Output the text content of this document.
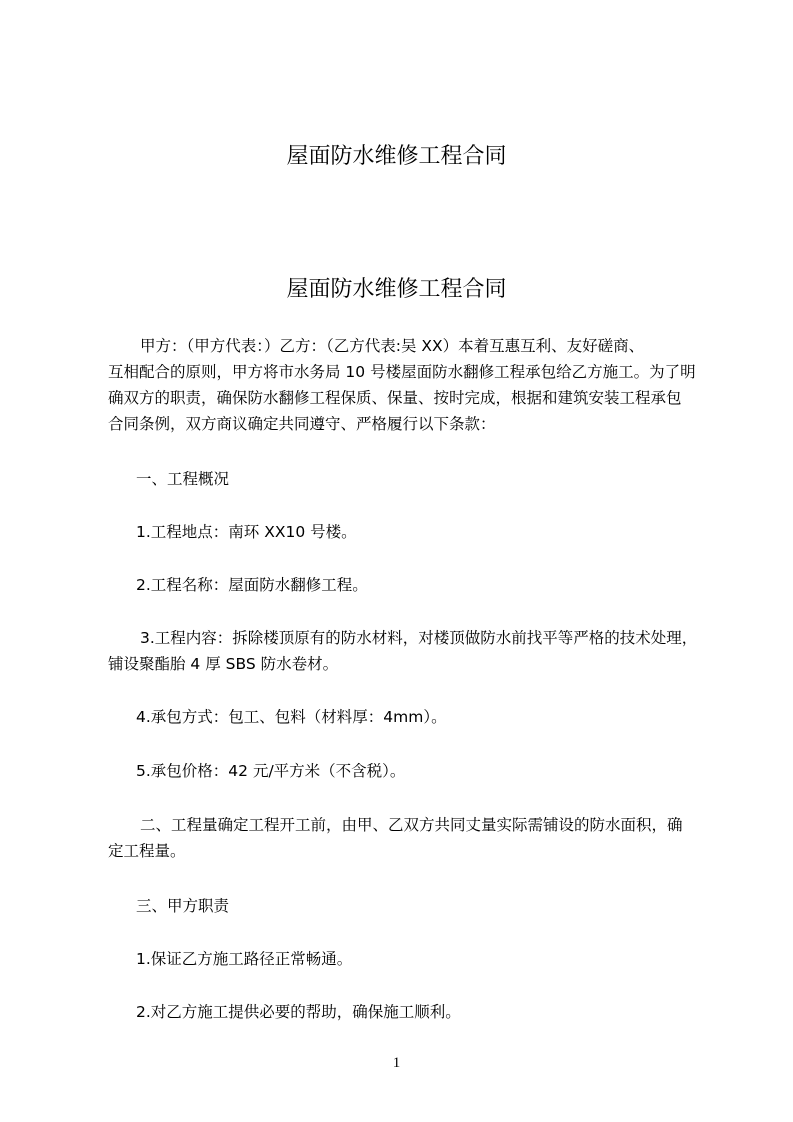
屋面防水维修工程合同
屋面防水维修工程合同
甲方：（甲方代表：）乙方：（乙方代表:吴 XX）本着互惠互利、友好磋商、
互相配合的原则，甲方将市水务局 10 号楼屋面防水翻修工程承包给乙方施工。为了明
确双方的职责，确保防水翻修工程保质、保量、按时完成，根据和建筑安装工程承包
合同条例，双方商议确定共同遵守、严格履行以下条款：
一、工程概况
1.工程地点：南环 XX10 号楼。
2.工程名称：屋面防水翻修工程。
3.工程内容：拆除楼顶原有的防水材料，对楼顶做防水前找平等严格的技术处理，
铺设聚酯胎 4 厚 SBS 防水卷材。
4.承包方式：包工、包料（材料厚：4mm）。
5.承包价格：42 元/平方米（不含税）。
二、工程量确定工程开工前，由甲、乙双方共同丈量实际需铺设的防水面积，确
定工程量。
三、甲方职责
1.保证乙方施工路径正常畅通。
2.对乙方施工提供必要的帮助，确保施工顺利。
1
